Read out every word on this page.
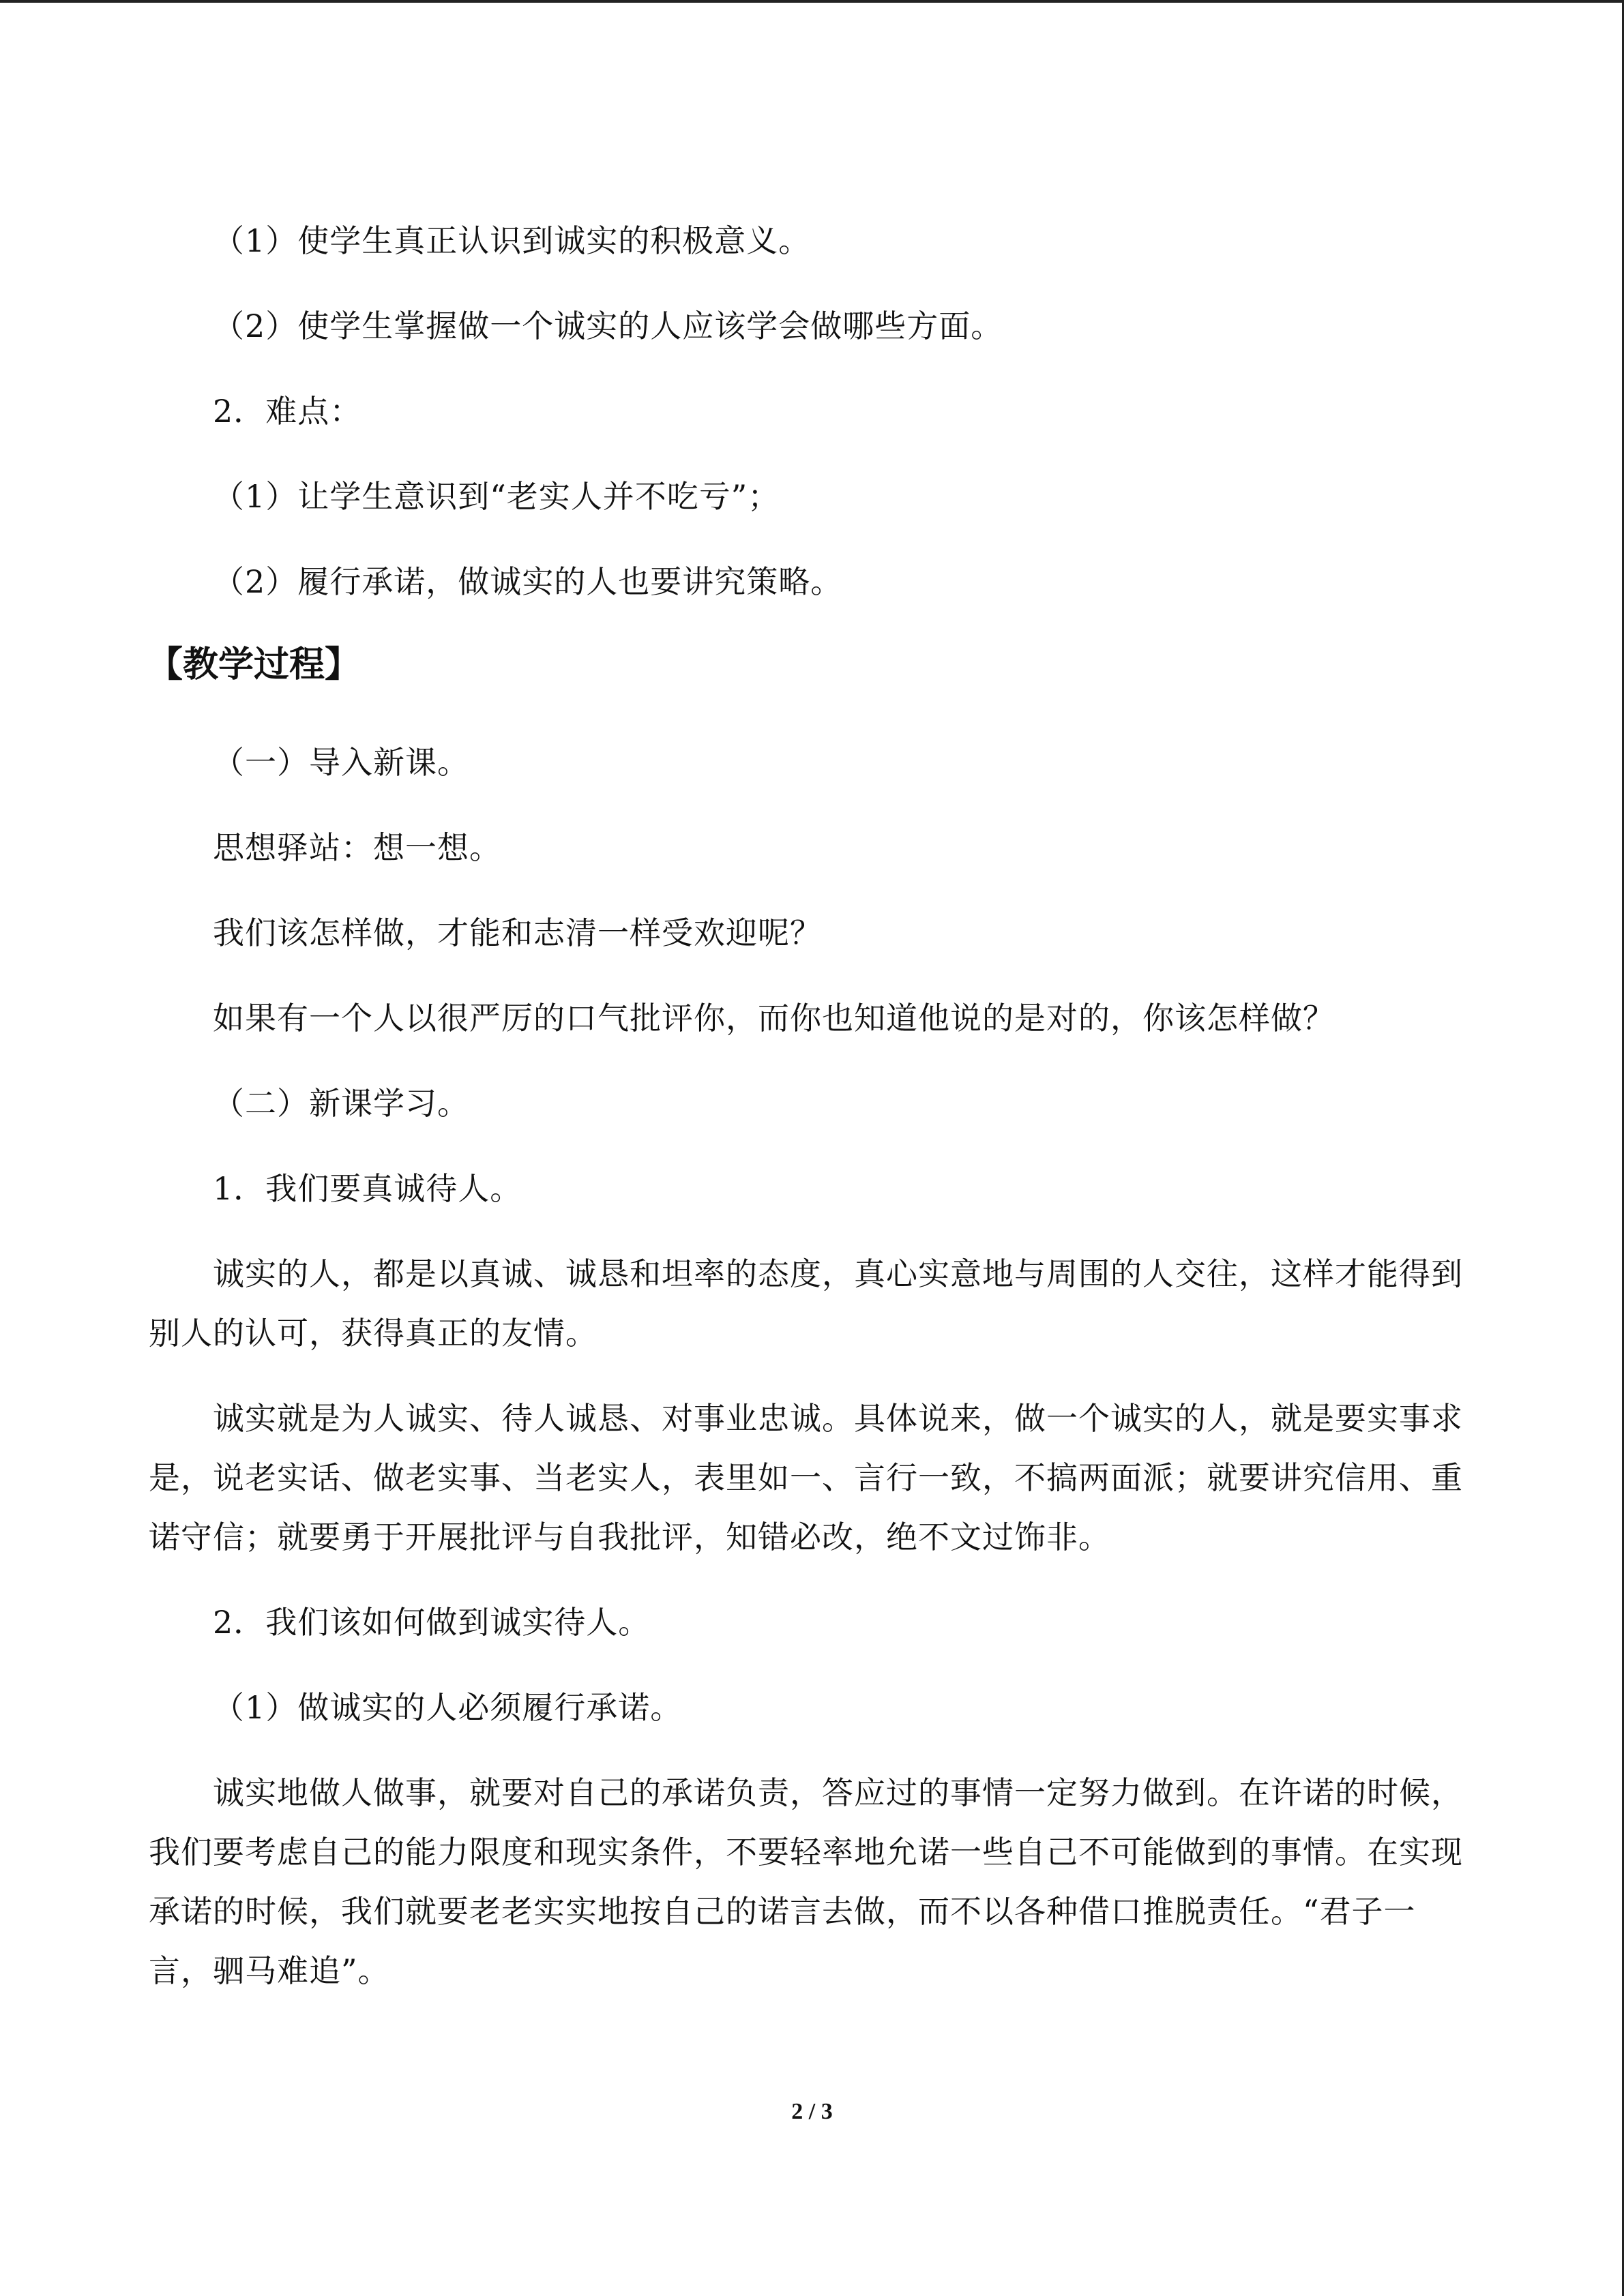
（1）使学生真正认识到诚实的积极意义。

（2）使学生掌握做一个诚实的人应该学会做哪些方面。

2．难点：

（1）让学生意识到“老实人并不吃亏”；

（2）履行承诺，做诚实的人也要讲究策略。

【教学过程】

（一）导入新课。

思想驿站：想一想。

我们该怎样做，才能和志清一样受欢迎呢？

如果有一个人以很严厉的口气批评你，而你也知道他说的是对的，你该怎样做？

（二）新课学习。

1．我们要真诚待人。

诚实的人，都是以真诚、诚恳和坦率的态度，真心实意地与周围的人交往，这样才能得到别人的认可，获得真正的友情。

诚实就是为人诚实、待人诚恳、对事业忠诚。具体说来，做一个诚实的人，就是要实事求是，说老实话、做老实事、当老实人，表里如一、言行一致，不搞两面派；就要讲究信用、重诺守信；就要勇于开展批评与自我批评，知错必改，绝不文过饰非。

2．我们该如何做到诚实待人。

（1）做诚实的人必须履行承诺。

诚实地做人做事，就要对自己的承诺负责，答应过的事情一定努力做到。在许诺的时候，我们要考虑自己的能力限度和现实条件，不要轻率地允诺一些自己不可能做到的事情。在实现承诺的时候，我们就要老老实实地按自己的诺言去做，而不以各种借口推脱责任。“君子一言，驷马难追”。

2 / 3
